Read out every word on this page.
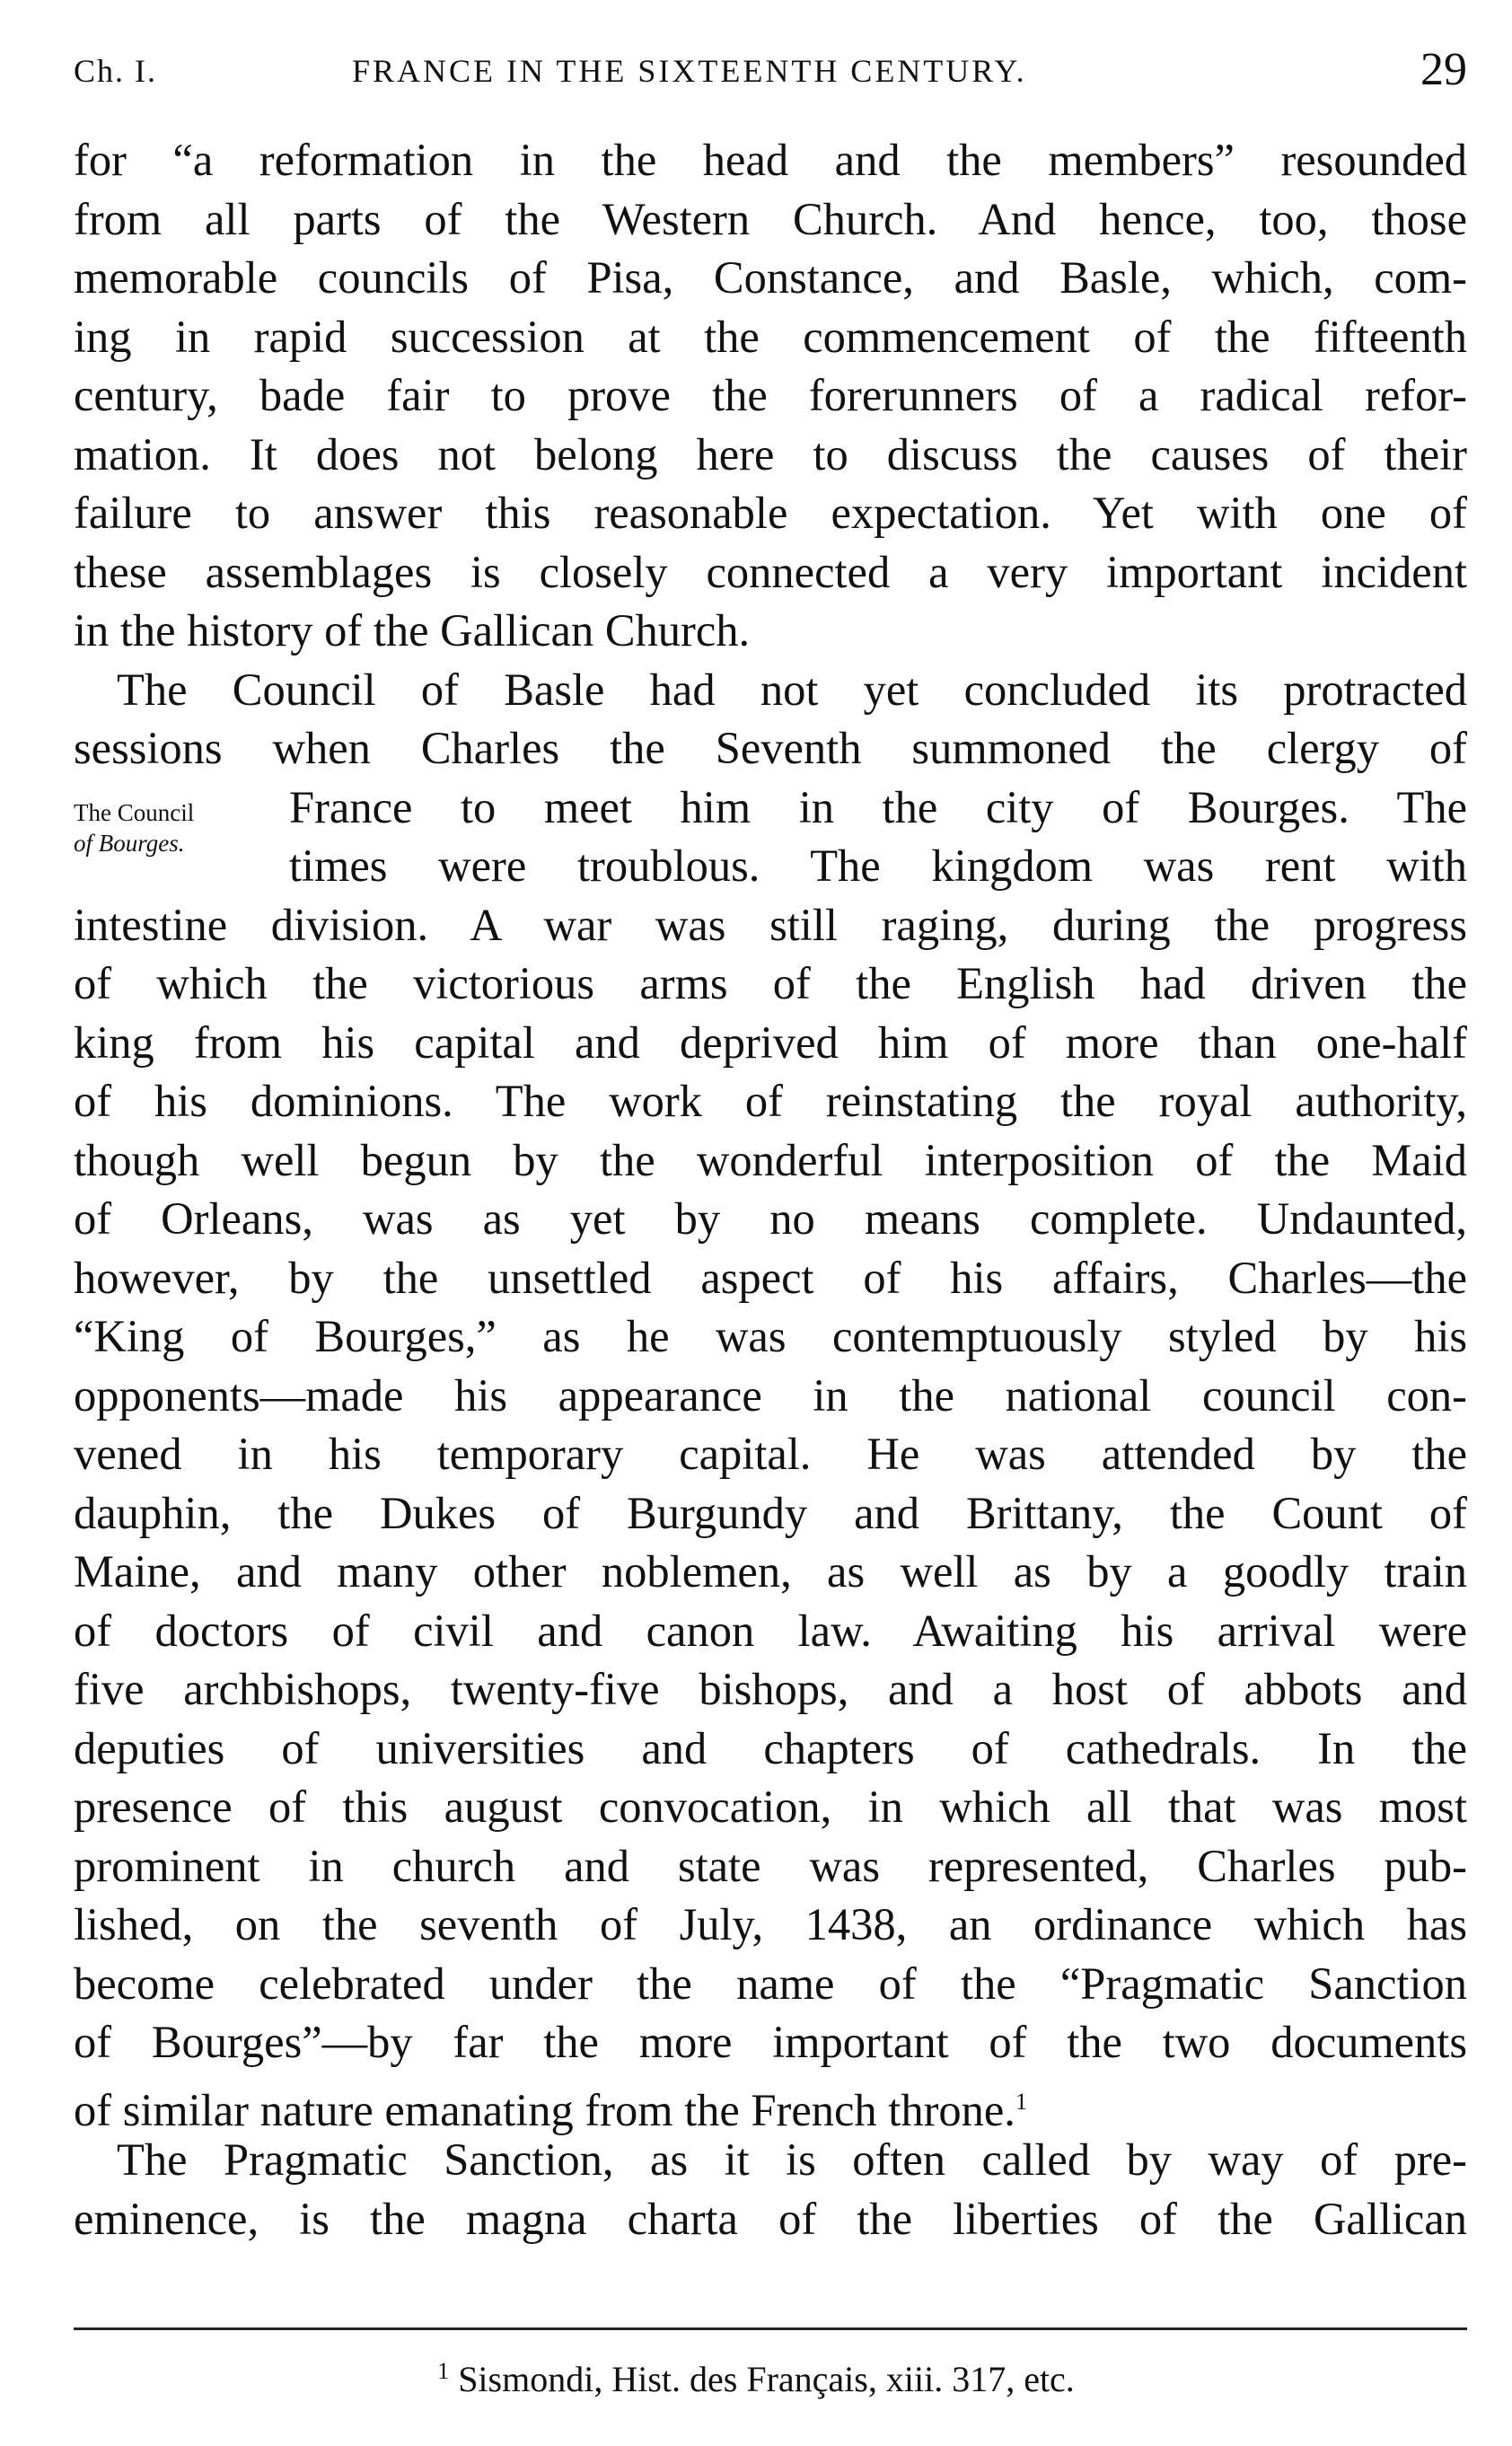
Ch. I.	FRANCE IN THE SIXTEENTH CENTURY.	29
The Council
of Bourges.
for “a reformation in the head and the members” resounded
from all parts of the Western Church. And hence, too, those
memorable councils of Pisa, Constance, and Basle, which, com-
ing in rapid succession at the commencement of the fifteenth
century, bade fair to prove the forerunners of a radical refor-
mation. It does not belong here to discuss the causes of their
failure to answer this reasonable expectation. Yet with one of
these assemblages is closely connected a very important incident
in the history of the Gallican Church.
The Council of Basle had not yet concluded its protracted
sessions when Charles the Seventh summoned the clergy of
France to meet him in the city of Bourges. The
times were troublous. The kingdom was rent with
intestine division. A war was still raging, during the progress
of which the victorious arms of the English had driven the
king from his capital and deprived him of more than one-half
of his dominions. The work of reinstating the royal authority,
though well begun by the wonderful interposition of the Maid
of Orleans, was as yet by no means complete. Undaunted,
however, by the unsettled aspect of his affairs, Charles—the
“King of Bourges,” as he was contemptuously styled by his
opponents—made his appearance in the national council con-
vened in his temporary capital. He was attended by the
dauphin, the Dukes of Burgundy and Brittany, the Count of
Maine, and many other noblemen, as well as by a goodly train
of doctors of civil and canon law. Awaiting his arrival were
five archbishops, twenty-five bishops, and a host of abbots and
deputies of universities and chapters of cathedrals. In the
presence of this august convocation, in which all that was most
prominent in church and state was represented, Charles pub-
lished, on the seventh of July, 1438, an ordinance which has
become celebrated under the name of the “Pragmatic Sanction
of Bourges”—by far the more important of the two documents
of similar nature emanating from the French throne.$^1$
The Pragmatic Sanction, as it is often called by way of pre-
eminence, is the magna charta of the liberties of the Gallican
$^1$ Sismondi, Hist. des Français, xiii. 317, etc.
